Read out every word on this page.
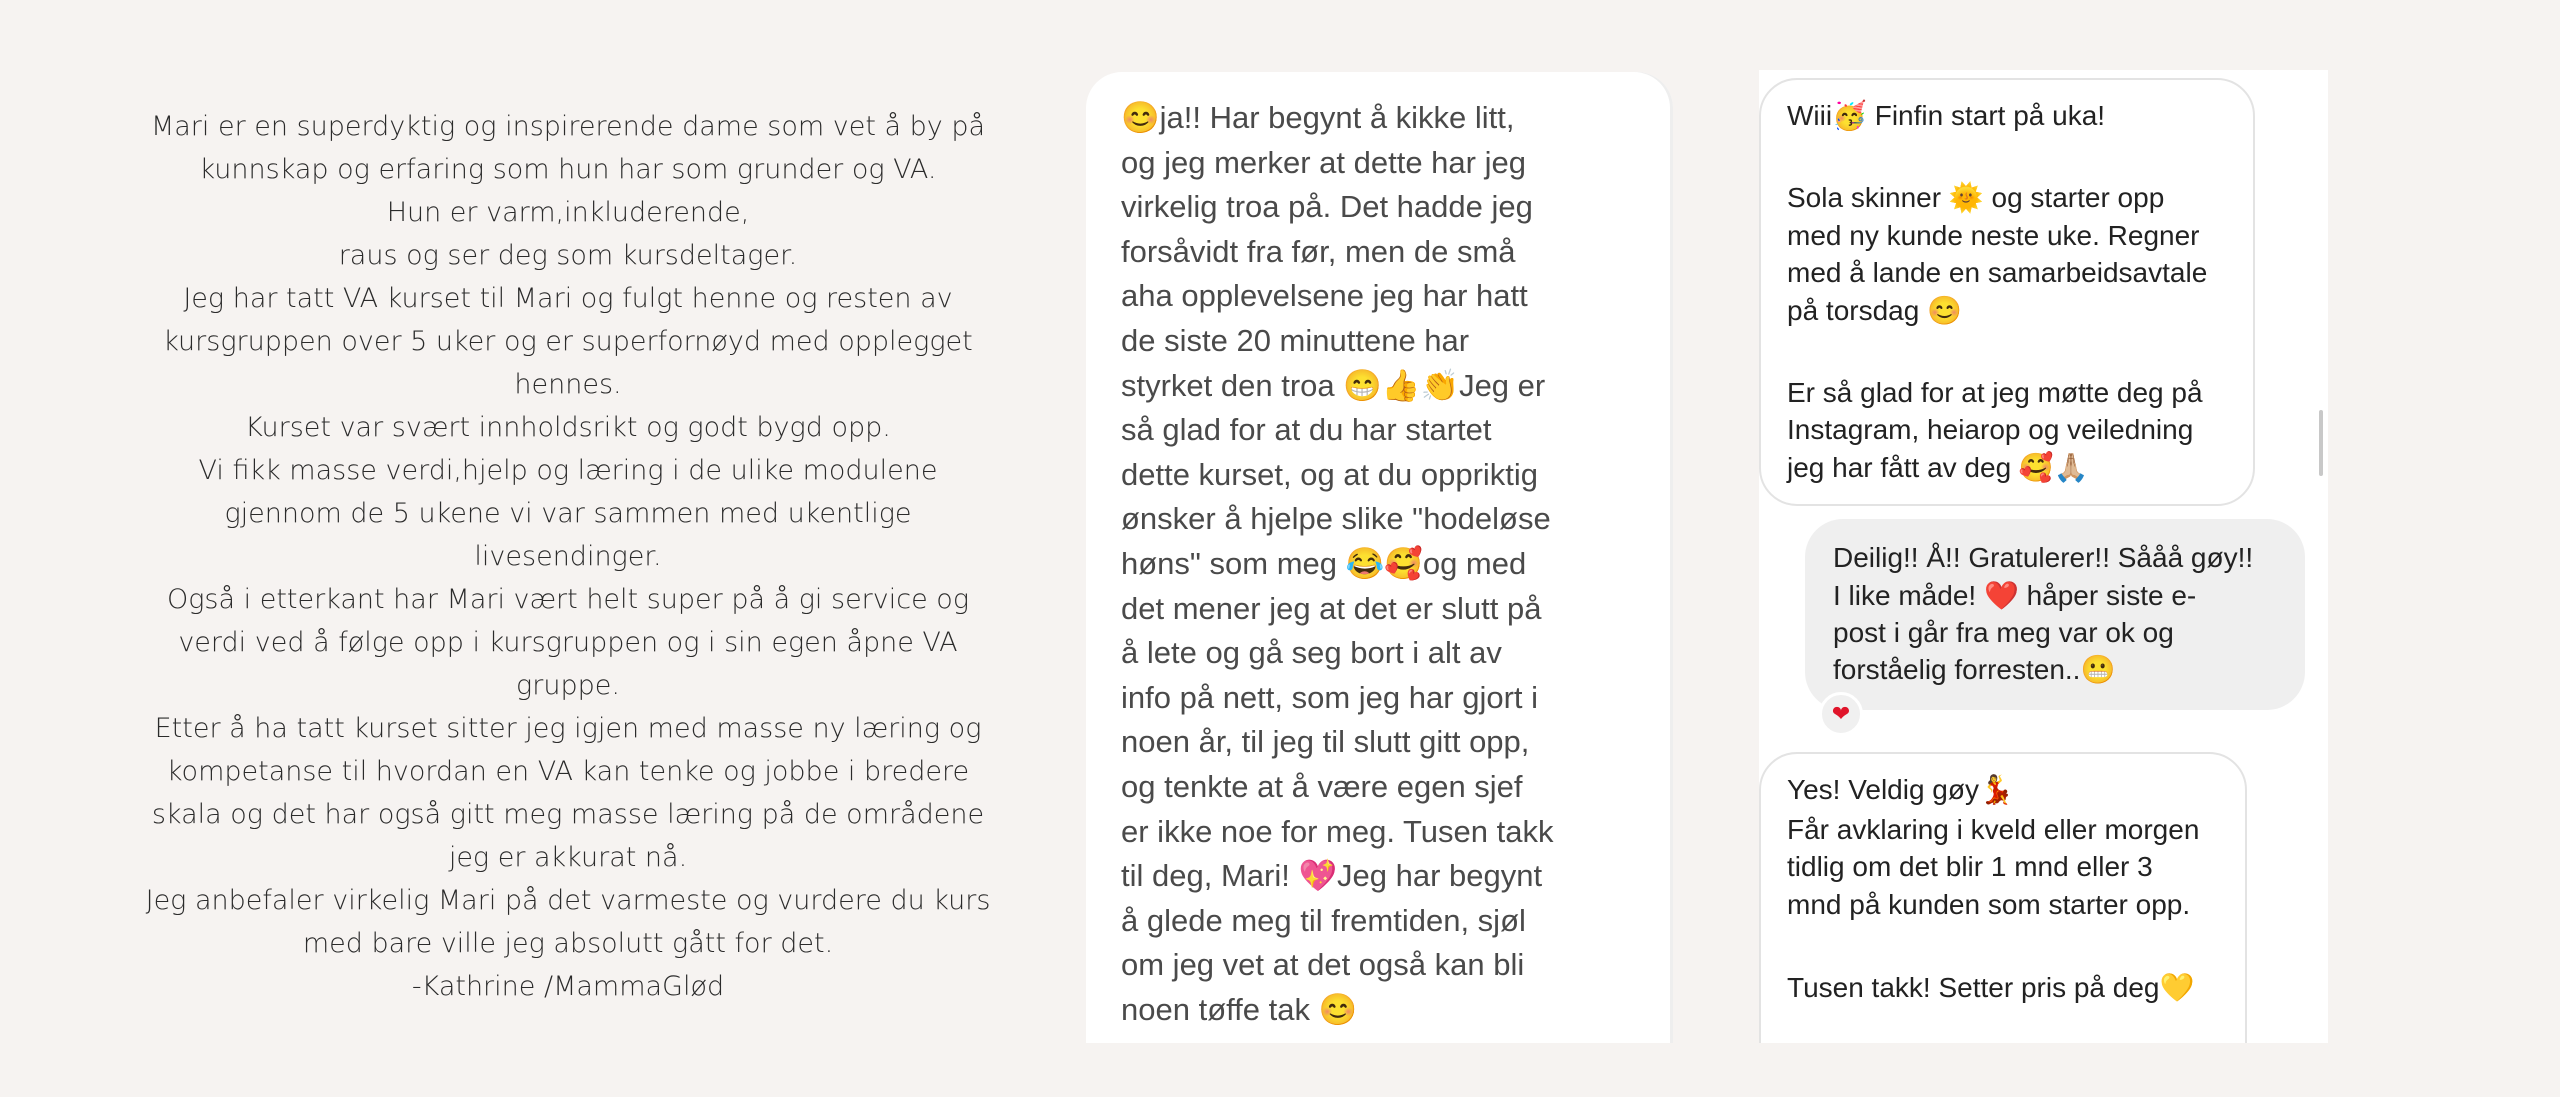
Mari er en superdyktig og inspirerende dame som vet å by på
kunnskap og erfaring som hun har som grunder og VA.
Hun er varm,inkluderende,
raus og ser deg som kursdeltager.
Jeg har tatt VA kurset til Mari og fulgt henne og resten av
kursgruppen over 5 uker og er superfornøyd med opplegget
hennes.
Kurset var svært innholdsrikt og godt bygd opp.
Vi fikk masse verdi,hjelp og læring i de ulike modulene
gjennom de 5 ukene vi var sammen med ukentlige
livesendinger.
Også i etterkant har Mari vært helt super på å gi service og
verdi ved å følge opp i kursgruppen og i sin egen åpne VA
gruppe.
Etter å ha tatt kurset sitter jeg igjen med masse ny læring og
kompetanse til hvordan en VA kan tenke og jobbe i bredere
skala og det har også gitt meg masse læring på de områdene
jeg er akkurat nå.
Jeg anbefaler virkelig Mari på det varmeste og vurdere du kurs
med bare ville jeg absolutt gått for det.
-Kathrine /MammaGlød
😊ja!! Har begynt å kikke litt,
og jeg merker at dette har jeg
virkelig troa på. Det hadde jeg
forsåvidt fra før, men de små
aha opplevelsene jeg har hatt
de siste 20 minuttene har
styrket den troa 😁👍👏Jeg er
så glad for at du har startet
dette kurset, og at du oppriktig
ønsker å hjelpe slike "hodeløse
høns" som meg 😂🥰og med
det mener jeg at det er slutt på
å lete og gå seg bort i alt av
info på nett, som jeg har gjort i
noen år, til jeg til slutt gitt opp,
og tenkte at å være egen sjef
er ikke noe for meg. Tusen takk
til deg, Mari! 💖Jeg har begynt
å glede meg til fremtiden, sjøl
om jeg vet at det også kan bli
noen tøffe tak 😊
Wiii🥳 Finfin start på uka!
Sola skinner 🌞 og starter opp
med ny kunde neste uke. Regner
med å lande en samarbeidsavtale
på torsdag 😊
Er så glad for at jeg møtte deg på
Instagram, heiarop og veiledning
jeg har fått av deg 🥰🙏🏼
Deilig!! Å!! Gratulerer!! Sååå gøy!!
I like måde! ❤️ håper siste e-
post i går fra meg var ok og
forståelig forresten..😬
❤
Yes! Veldig gøy💃
Får avklaring i kveld eller morgen
tidlig om det blir 1 mnd eller 3
mnd på kunden som starter opp.
Tusen takk! Setter pris på deg💛
